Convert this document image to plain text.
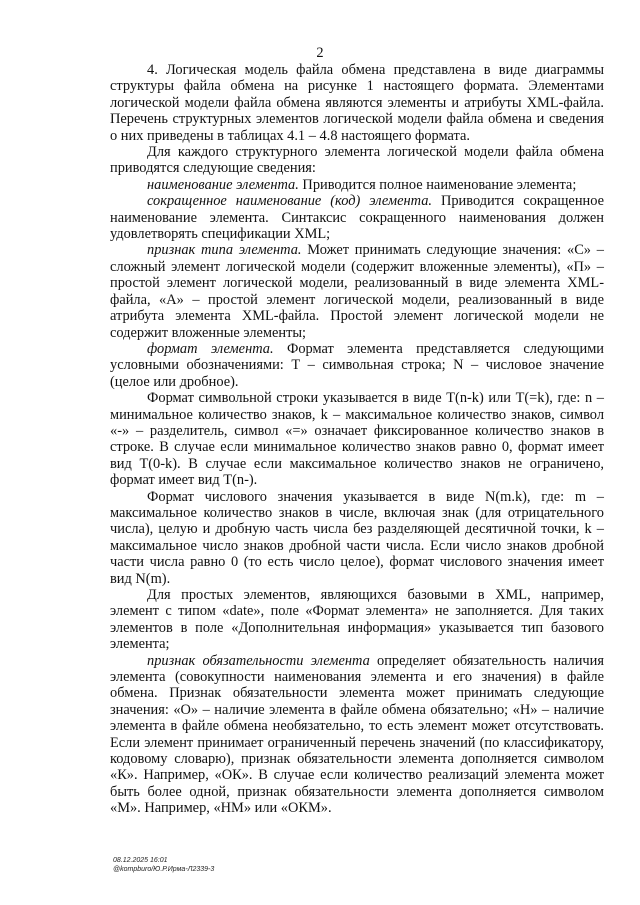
2

4. Логическая модель файла обмена представлена в виде диаграммы структуры файла обмена на рисунке 1 настоящего формата. Элементами логической модели файла обмена являются элементы и атрибуты XML-файла. Перечень структурных элементов логической модели файла обмена и сведения о них приведены в таблицах 4.1 – 4.8 настоящего формата.

Для каждого структурного элемента логической модели файла обмена приводятся следующие сведения:

наименование элемента. Приводится полное наименование элемента;

сокращенное наименование (код) элемента. Приводится сокращенное наименование элемента. Синтаксис сокращенного наименования должен удовлетворять спецификации XML;

признак типа элемента. Может принимать следующие значения: «С» – сложный элемент логической модели (содержит вложенные элементы), «П» – простой элемент логической модели, реализованный в виде элемента XML-файла, «А» – простой элемент логической модели, реализованный в виде атрибута элемента XML-файла. Простой элемент логической модели не содержит вложенные элементы;

формат элемента. Формат элемента представляется следующими условными обозначениями: Т – символьная строка; N – числовое значение (целое или дробное).

Формат символьной строки указывается в виде Т(n-k) или Т(=k), где: n – минимальное количество знаков, k – максимальное количество знаков, символ «-» – разделитель, символ «=» означает фиксированное количество знаков в строке. В случае если минимальное количество знаков равно 0, формат имеет вид Т(0-k). В случае если максимальное количество знаков не ограничено, формат имеет вид Т(n-).

Формат числового значения указывается в виде N(m.k), где: m – максимальное количество знаков в числе, включая знак (для отрицательного числа), целую и дробную часть числа без разделяющей десятичной точки, k – максимальное число знаков дробной части числа. Если число знаков дробной части числа равно 0 (то есть число целое), формат числового значения имеет вид N(m).

Для простых элементов, являющихся базовыми в XML, например, элемент с типом «date», поле «Формат элемента» не заполняется. Для таких элементов в поле «Дополнительная информация» указывается тип базового элемента;

признак обязательности элемента определяет обязательность наличия элемента (совокупности наименования элемента и его значения) в файле обмена. Признак обязательности элемента может принимать следующие значения: «О» – наличие элемента в файле обмена обязательно; «Н» – наличие элемента в файле обмена необязательно, то есть элемент может отсутствовать. Если элемент принимает ограниченный перечень значений (по классификатору, кодовому словарю), признак обязательности элемента дополняется символом «К». Например, «ОК». В случае если количество реализаций элемента может быть более одной, признак обязательности элемента дополняется символом «М». Например, «НМ» или «ОКМ».

08.12.2025 16:01
@kompburo/Ю.Р.Ирма-Л2339-3
